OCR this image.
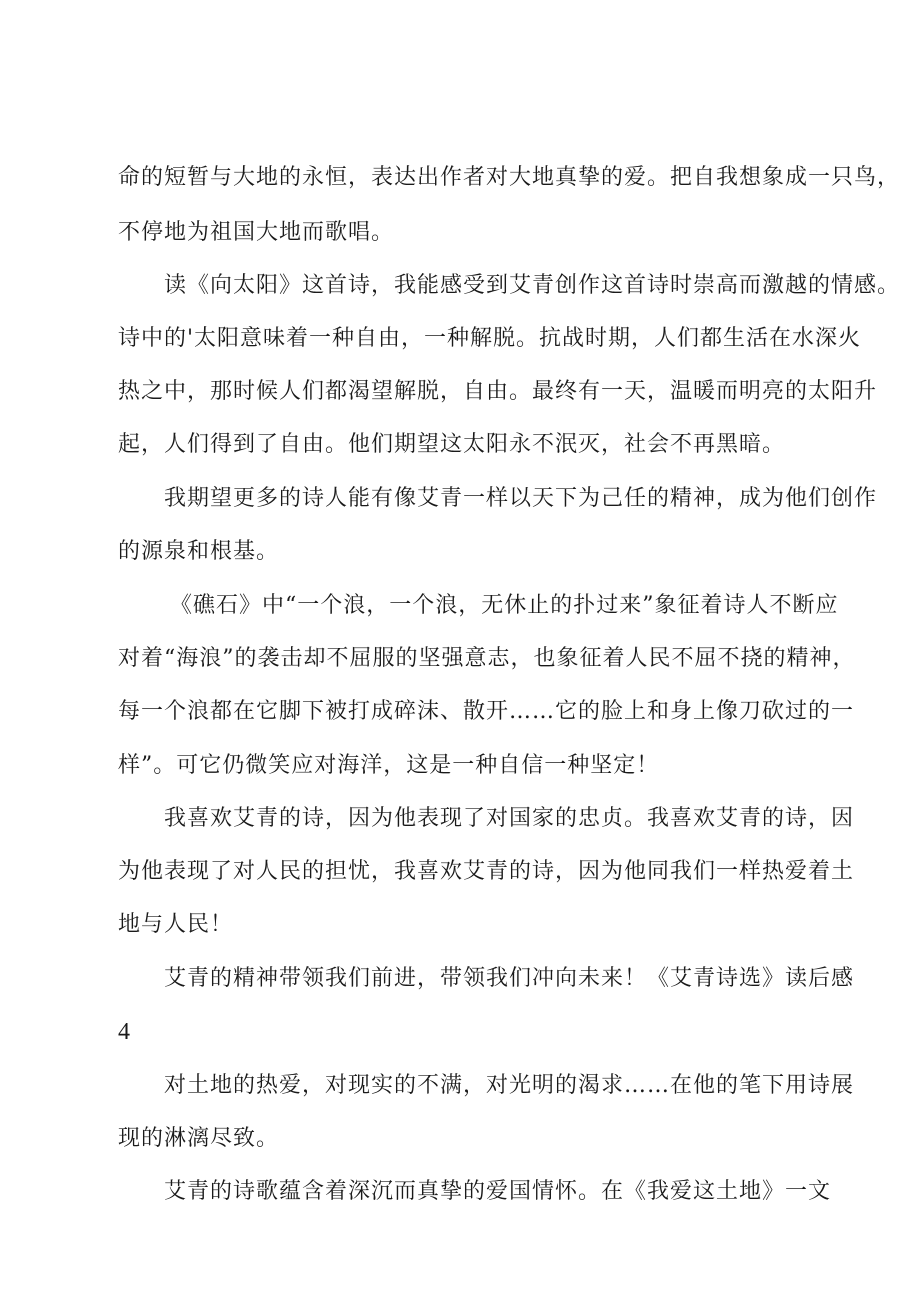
命的短暂与大地的永恒，表达出作者对大地真挚的爱。把自我想象成一只鸟，
不停地为祖国大地而歌唱。
读《向太阳》这首诗，我能感受到艾青创作这首诗时崇高而激越的情感。
诗中的'太阳意味着一种自由，一种解脱。抗战时期，人们都生活在水深火
热之中，那时候人们都渴望解脱，自由。最终有一天，温暖而明亮的太阳升
起，人们得到了自由。他们期望这太阳永不泯灭，社会不再黑暗。
我期望更多的诗人能有像艾青一样以天下为己任的精神，成为他们创作
的源泉和根基。
《礁石》中“一个浪，一个浪，无休止的扑过来”象征着诗人不断应
对着“海浪”的袭击却不屈服的坚强意志，也象征着人民不屈不挠的精神，
每一个浪都在它脚下被打成碎沫、散开……它的脸上和身上像刀砍过的一
样”。可它仍微笑应对海洋，这是一种自信一种坚定！
我喜欢艾青的诗，因为他表现了对国家的忠贞。我喜欢艾青的诗，因
为他表现了对人民的担忧，我喜欢艾青的诗，因为他同我们一样热爱着土
地与人民！
艾青的精神带领我们前进，带领我们冲向未来！《艾青诗选》读后感
4
对土地的热爱，对现实的不满，对光明的渴求……在他的笔下用诗展
现的淋漓尽致。
艾青的诗歌蕴含着深沉而真挚的爱国情怀。在《我爱这土地》一文
